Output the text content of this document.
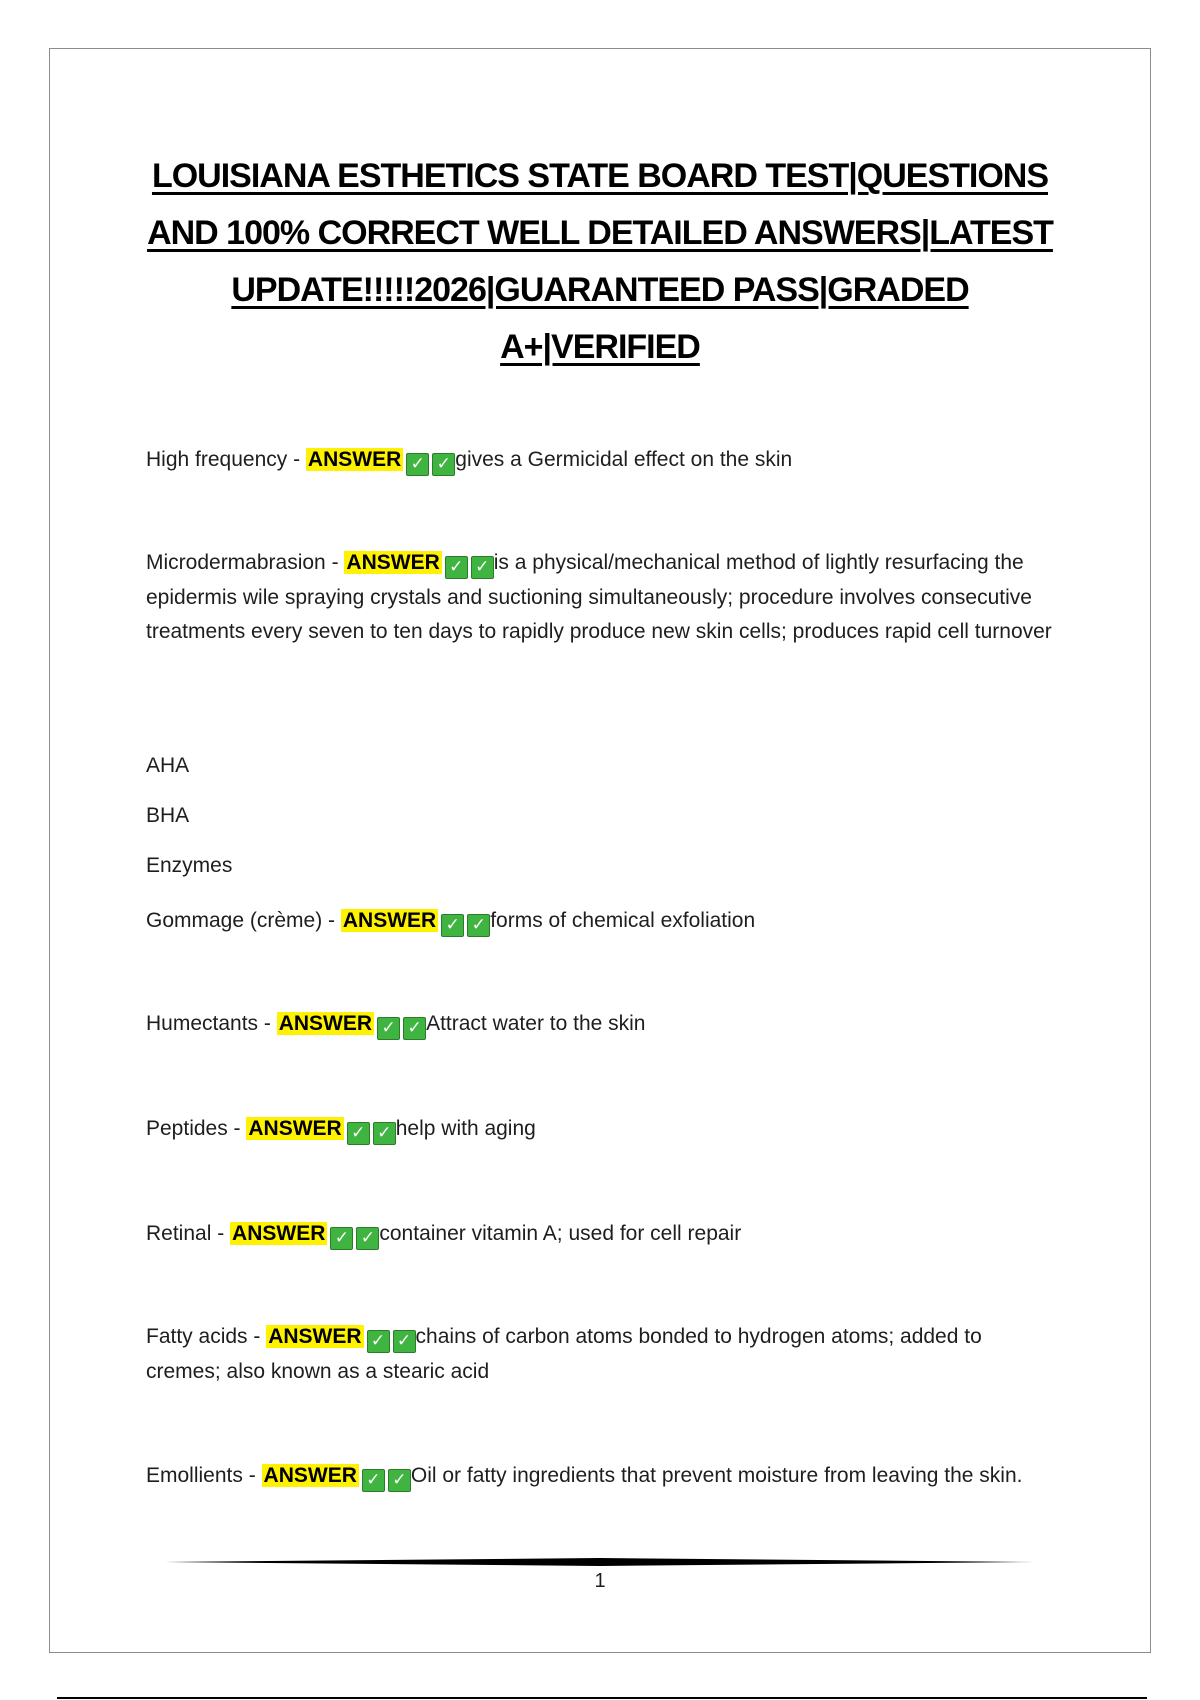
LOUISIANA ESTHETICS STATE BOARD TEST|QUESTIONS AND 100% CORRECT WELL DETAILED ANSWERS|LATEST UPDATE!!!!!2026|GUARANTEED PASS|GRADED A+|VERIFIED
High frequency - ANSWER ✓ ✓ gives a Germicidal effect on the skin
Microdermabrasion - ANSWER ✓ ✓ is a physical/mechanical method of lightly resurfacing the epidermis wile spraying crystals and suctioning simultaneously; procedure involves consecutive treatments every seven to ten days to rapidly produce new skin cells; produces rapid cell turnover
AHA
BHA
Enzymes
Gommage (crème) - ANSWER ✓ ✓ forms of chemical exfoliation
Humectants - ANSWER ✓ ✓ Attract water to the skin
Peptides - ANSWER ✓ ✓ help with aging
Retinal - ANSWER ✓ ✓ container vitamin A; used for cell repair
Fatty acids - ANSWER ✓ ✓ chains of carbon atoms bonded to hydrogen atoms; added to cremes; also known as a stearic acid
Emollients - ANSWER ✓ ✓ Oil or fatty ingredients that prevent moisture from leaving the skin.
1
